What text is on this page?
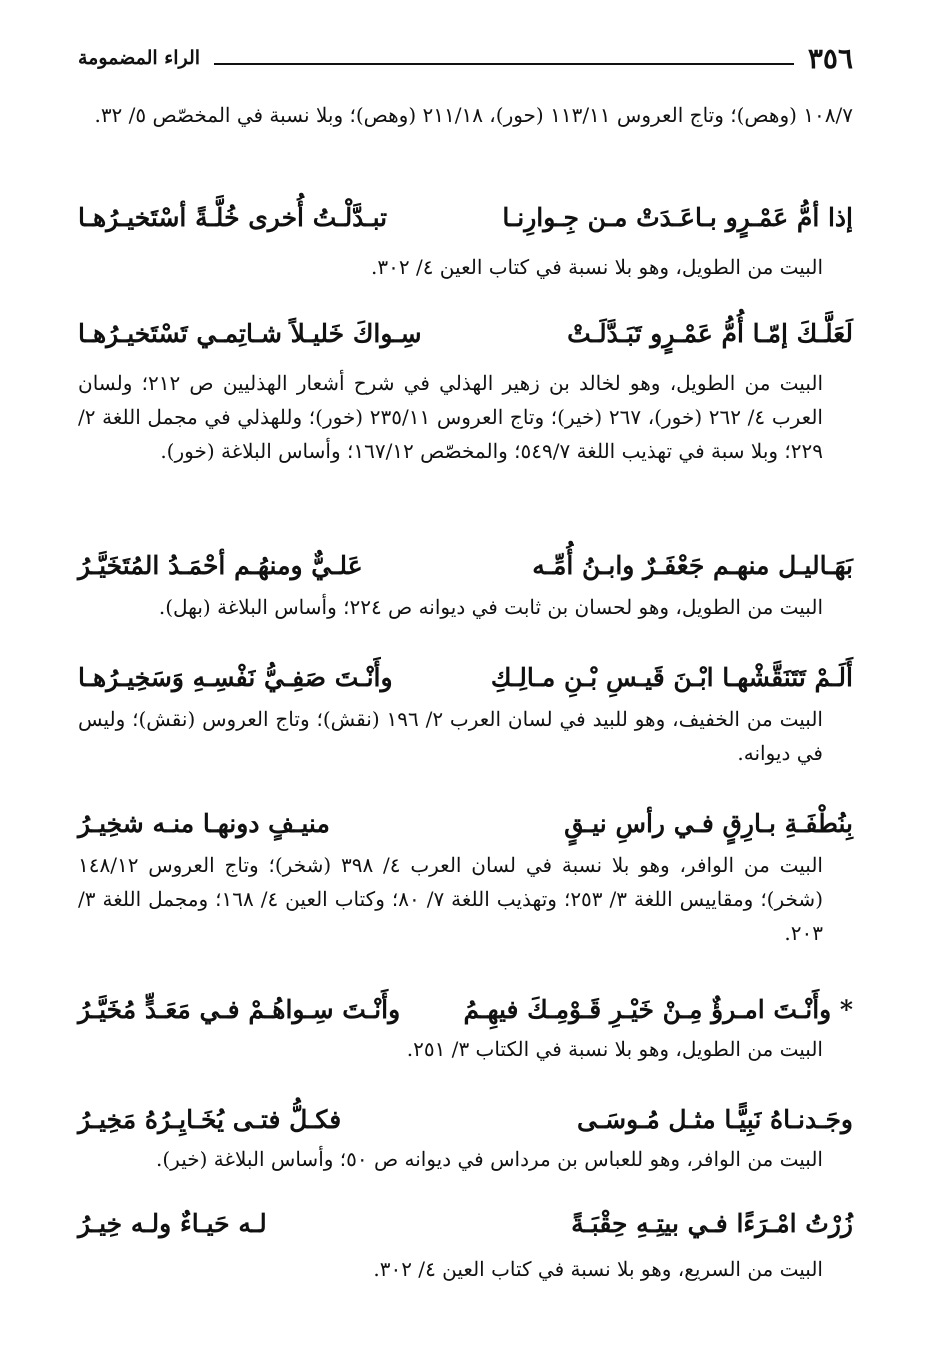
٣٥٦
الراء المضمومة

١٠٨/٧ (وهص)؛ وتاج العروس ١١٣/١١ (حور)، ٢١١/١٨ (وهص)؛ وبلا نسبة في المخصّص ٥/ ٣٢.

إذا أمُّ عَمْـرٍو بـاعَـدَتْ مـن جِـوارِنـا
تبـدَّلْـتُ أُخرى خُلَّـةً أسْتَخيـرُهـا

البيت من الطويل، وهو بلا نسبة في كتاب العين ٤/ ٣٠٢.

لَعَلَّـكَ إمّـا أُمُّ عَمْـرٍو تَبَـدَّلَـتْ
سِـواكَ خَليـلاً شـاتِمـي تَسْتَخيـرُهـا

البيت من الطويل، وهو لخالد بن زهير الهذلي في شرح أشعار الهذليين ص ٢١٢؛ ولسان العرب ٤/ ٢٦٢ (خور)، ٢٦٧ (خير)؛ وتاج العروس ٢٣٥/١١ (خور)؛ وللهذلي في مجمل اللغة ٢/ ٢٢٩؛ وبلا سبة في تهذيب اللغة ٥٤٩/٧؛ والمخصّص ١٦٧/١٢؛ وأساس البلاغة (خور).

بَهَـاليـل منهـم جَعْفَـرٌ وابـنُ أُمِّـه
عَلـيٌّ ومنهُـم أحْمَـدُ المُتَخَيَّـرُ

البيت من الطويل، وهو لحسان بن ثابت في ديوانه ص ٢٢٤؛ وأساس البلاغة (بهل).

أَلَـمْ تَتَنَقَّشْهـا ابْـنَ قَيـسِ بْـنِ مـالِـكِ
وأَنْـتَ صَفِـيُّ نَفْسِـهِ وَسَخِيـرُهـا

البيت من الخفيف، وهو للبيد في لسان العرب ٢/ ١٩٦ (نقش)؛ وتاج العروس (نقش)؛ وليس في ديوانه.

بِنُطْفَـةِ بـارِقٍ فـي رأسِ نيـقٍ
منيـفٍ دونهـا منـه شخِيـرُ

البيت من الوافر، وهو بلا نسبة في لسان العرب ٤/ ٣٩٨ (شخر)؛ وتاج العروس ١٤٨/١٢ (شخر)؛ ومقاييس اللغة ٣/ ٢٥٣؛ وتهذيب اللغة ٧/ ٨٠؛ وكتاب العين ٤/ ١٦٨؛ ومجمل اللغة ٣/ ٢٠٣.

* وأَنْـتَ امـرؤٌ مِـنْ خَيْـرِ قَـوْمِـكَ فيهِـمُ
وأَنْـتَ سِـواهُـمْ فـي مَعَـدٍّ مُخَيَّـرُ

البيت من الطويل، وهو بلا نسبة في الكتاب ٣/ ٢٥١.

وجَـدنـاهُ نَبِيًّـا مثـل مُـوسَـى
فكـلُّ فتـى يُخَـايِـرُهُ مَخِيـرُ

البيت من الوافر، وهو للعباس بن مرداس في ديوانه ص ٥٠؛ وأساس البلاغة (خير).

زُرْتُ امْـرَءًا فـي بيتِـهِ حِقْبَـةً
لـه حَيـاءٌ ولـه خِيـرُ

البيت من السريع، وهو بلا نسبة في كتاب العين ٤/ ٣٠٢.
